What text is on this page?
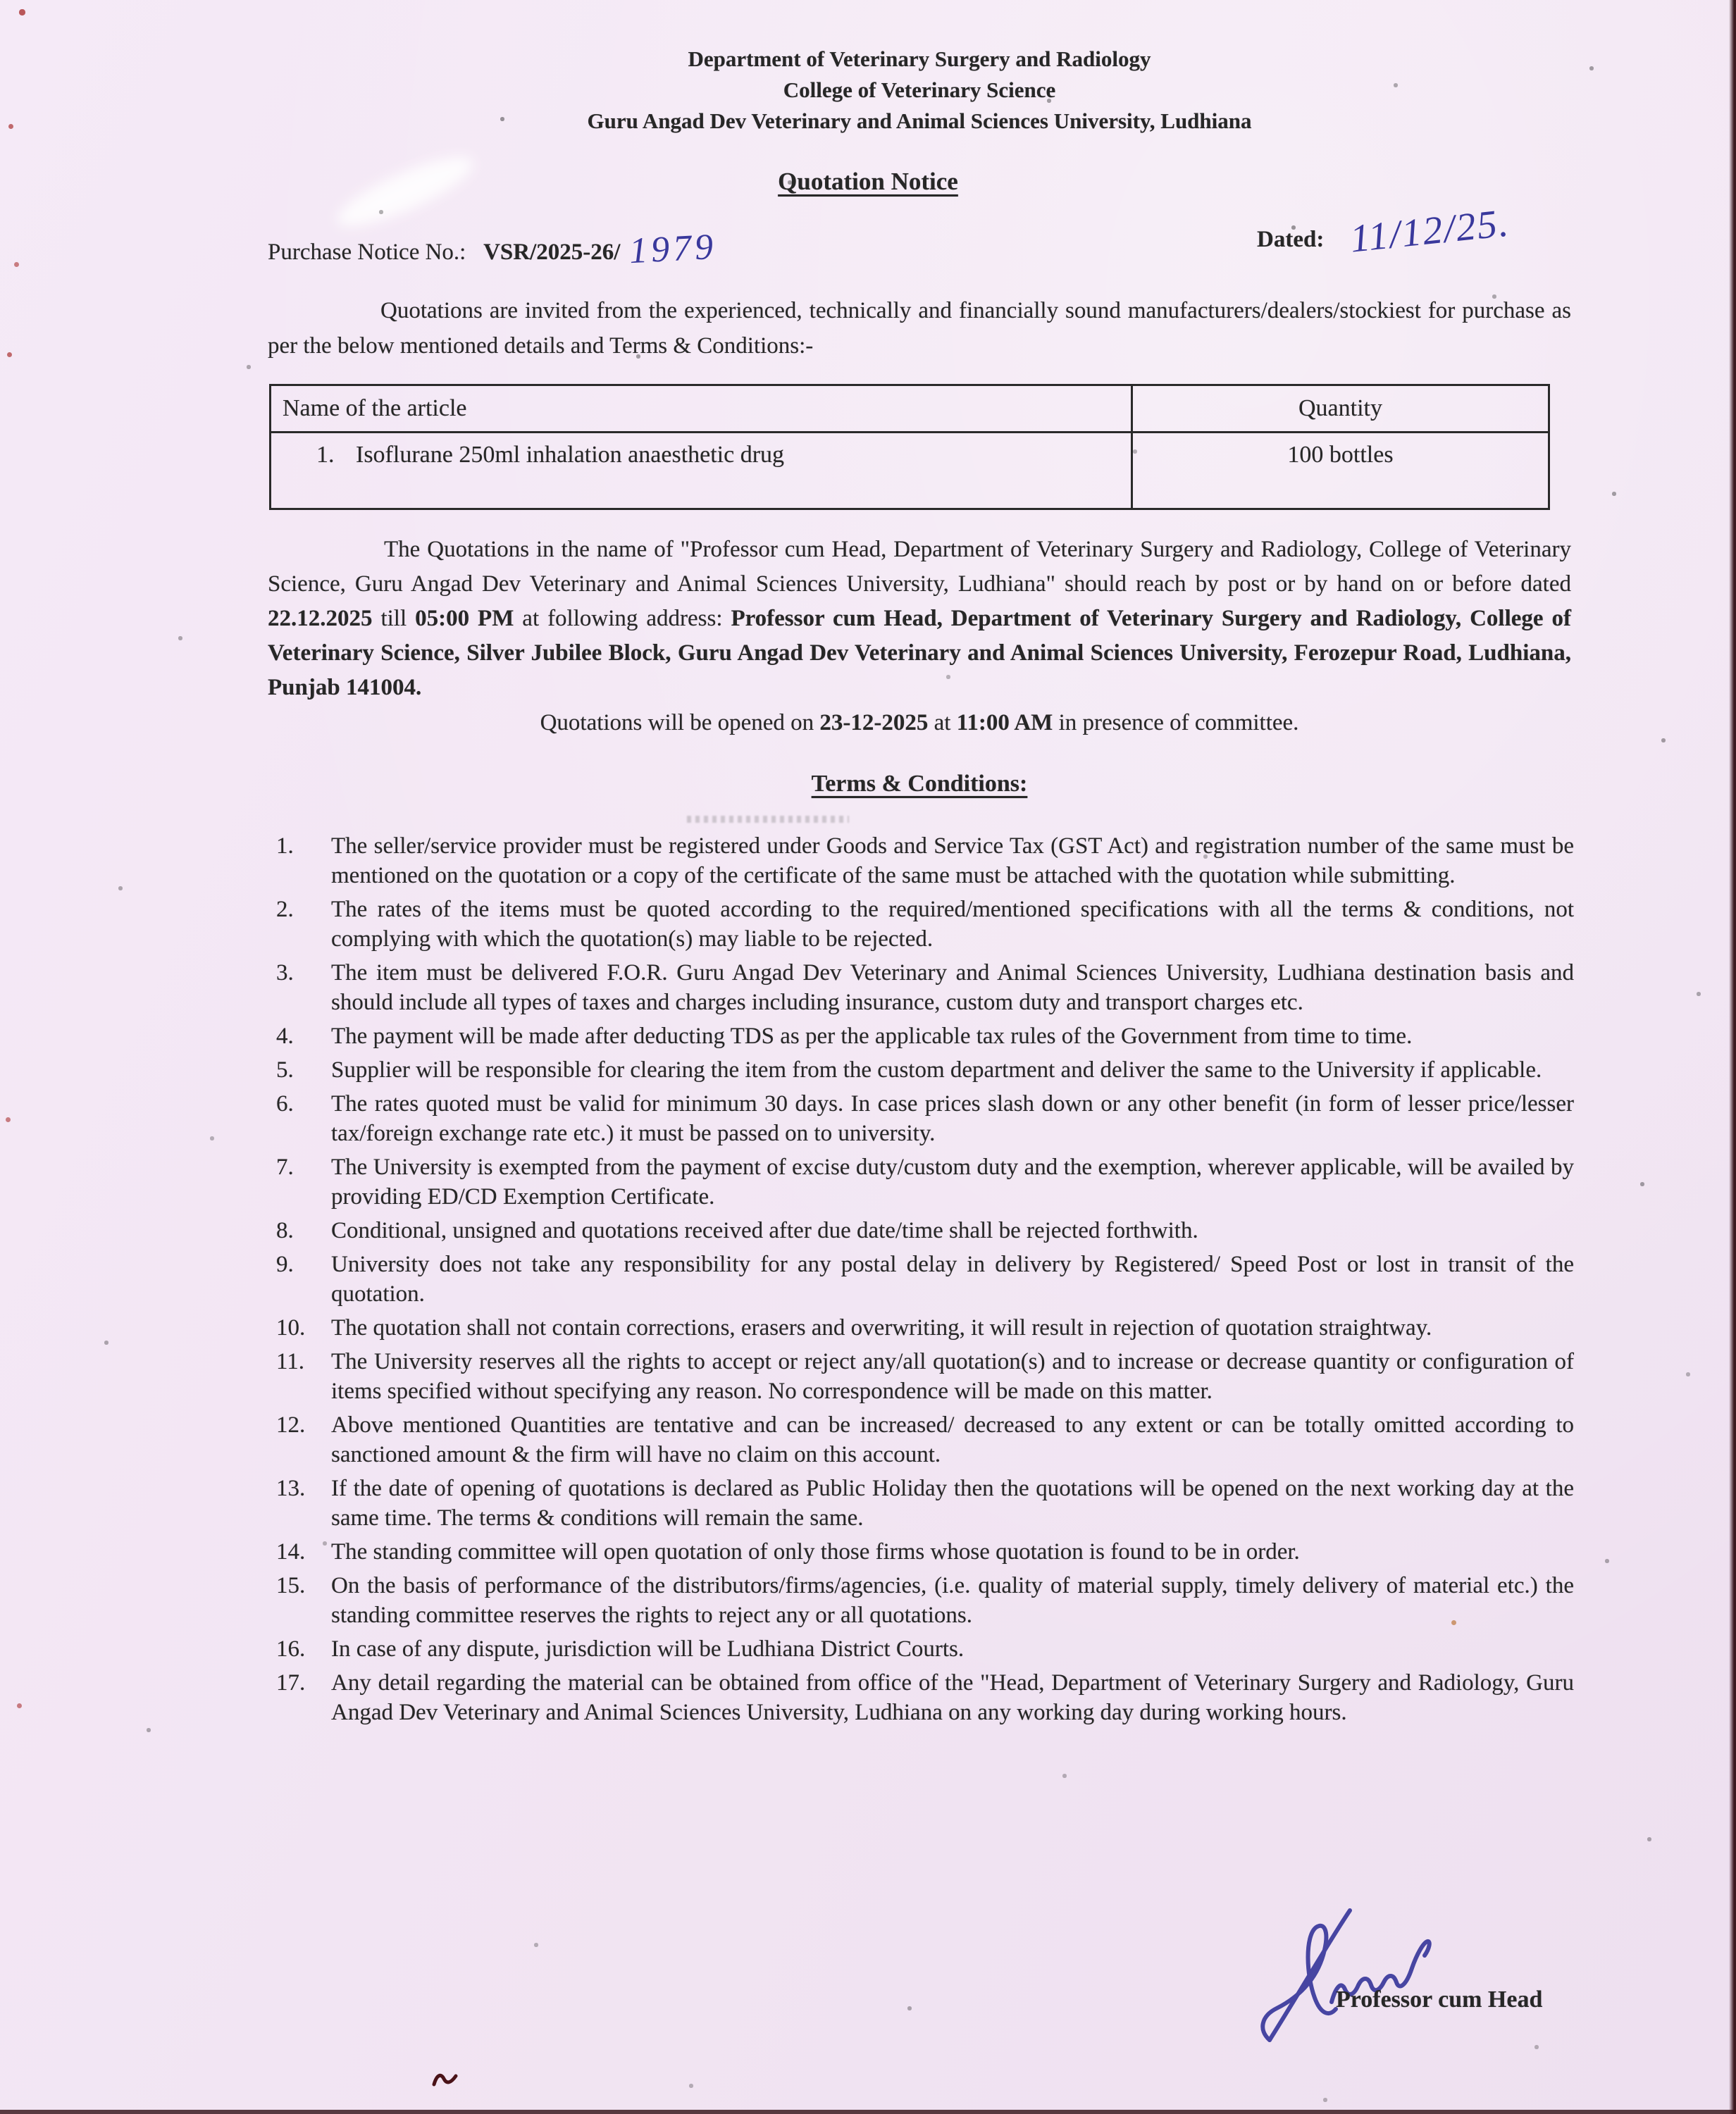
Department of Veterinary Surgery and Radiology
College of Veterinary Science
Guru Angad Dev Veterinary and Animal Sciences University, Ludhiana
Quotation Notice
Purchase Notice No.: VSR/2025-26/ 1979	Dated: 11/12/25.
Quotations are invited from the experienced, technically and financially sound manufacturers/dealers/stockiest for purchase as per the below mentioned details and Terms & Conditions:-
Name of the article	Quantity

1. Isoflurane 250ml inhalation anaesthetic drug	100 bottles
The Quotations in the name of "Professor cum Head, Department of Veterinary Surgery and Radiology, College of Veterinary Science, Guru Angad Dev Veterinary and Animal Sciences University, Ludhiana" should reach by post or by hand on or before dated 22.12.2025 till 05:00 PM at following address: Professor cum Head, Department of Veterinary Surgery and Radiology, College of Veterinary Science, Silver Jubilee Block, Guru Angad Dev Veterinary and Animal Sciences University, Ferozepur Road, Ludhiana, Punjab 141004.
Quotations will be opened on 23-12-2025 at 11:00 AM in presence of committee.
Terms & Conditions:
1.	The seller/service provider must be registered under Goods and Service Tax (GST Act) and registration number of the same must be mentioned on the quotation or a copy of the certificate of the same must be attached with the quotation while submitting.
2.	The rates of the items must be quoted according to the required/mentioned specifications with all the terms & conditions, not complying with which the quotation(s) may liable to be rejected.
3.	The item must be delivered F.O.R. Guru Angad Dev Veterinary and Animal Sciences University, Ludhiana destination basis and should include all types of taxes and charges including insurance, custom duty and transport charges etc.
4.	The payment will be made after deducting TDS as per the applicable tax rules of the Government from time to time.
5.	Supplier will be responsible for clearing the item from the custom department and deliver the same to the University if applicable.
6.	The rates quoted must be valid for minimum 30 days. In case prices slash down or any other benefit (in form of lesser price/lesser tax/foreign exchange rate etc.) it must be passed on to university.
7.	The University is exempted from the payment of excise duty/custom duty and the exemption, wherever applicable, will be availed by providing ED/CD Exemption Certificate.
8.	Conditional, unsigned and quotations received after due date/time shall be rejected forthwith.
9.	University does not take any responsibility for any postal delay in delivery by Registered/ Speed Post or lost in transit of the quotation.
10.	The quotation shall not contain corrections, erasers and overwriting, it will result in rejection of quotation straightway.
11.	The University reserves all the rights to accept or reject any/all quotation(s) and to increase or decrease quantity or configuration of items specified without specifying any reason. No correspondence will be made on this matter.
12.	Above mentioned Quantities are tentative and can be increased/ decreased to any extent or can be totally omitted according to sanctioned amount & the firm will have no claim on this account.
13.	If the date of opening of quotations is declared as Public Holiday then the quotations will be opened on the next working day at the same time. The terms & conditions will remain the same.
14.	The standing committee will open quotation of only those firms whose quotation is found to be in order.
15.	On the basis of performance of the distributors/firms/agencies, (i.e. quality of material supply, timely delivery of material etc.) the standing committee reserves the rights to reject any or all quotations.
16.	In case of any dispute, jurisdiction will be Ludhiana District Courts.
17.	Any detail regarding the material can be obtained from office of the "Head, Department of Veterinary Surgery and Radiology, Guru Angad Dev Veterinary and Animal Sciences University, Ludhiana on any working day during working hours.
Professor cum Head
